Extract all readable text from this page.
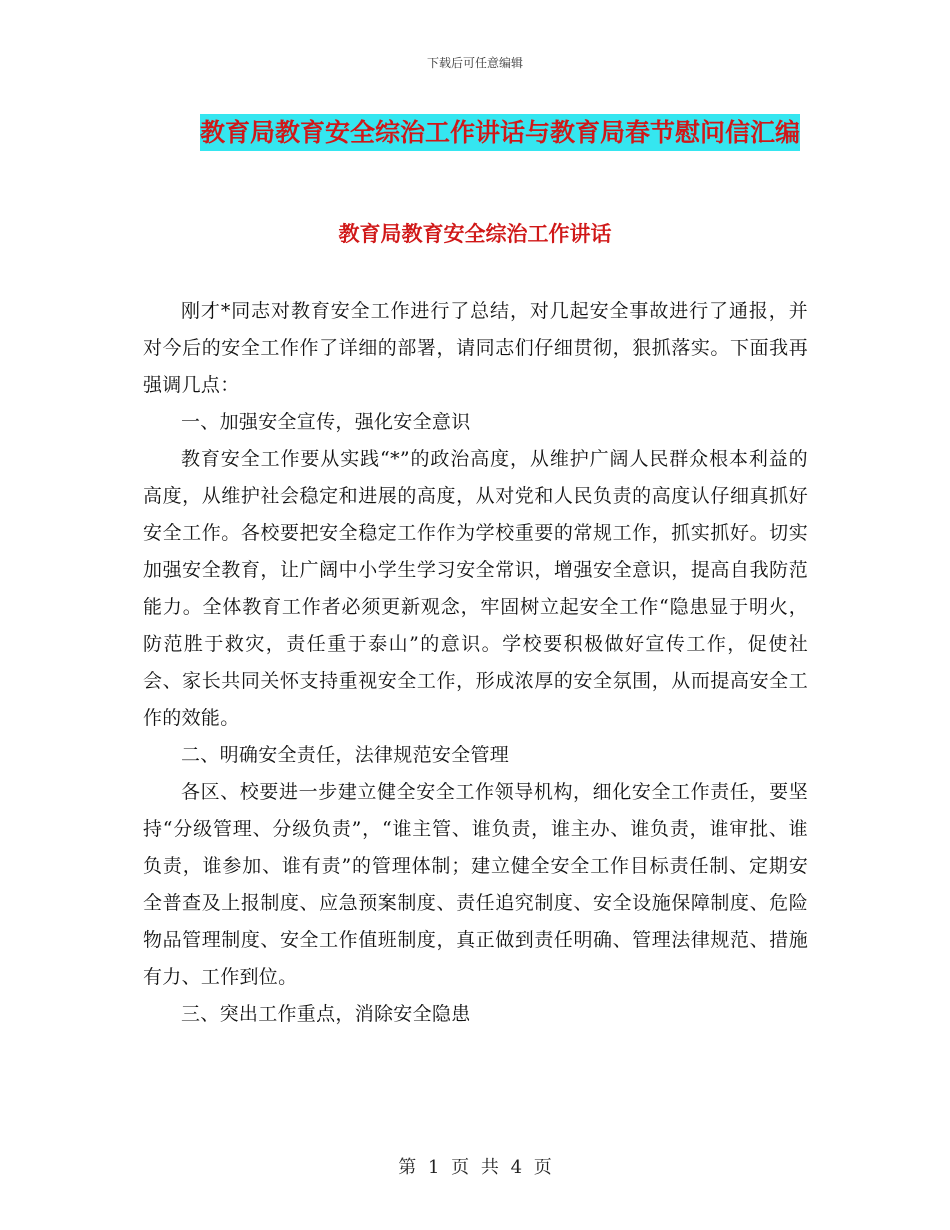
下载后可任意编辑
教育局教育安全综治工作讲话与教育局春节慰问信汇编
教育局教育安全综治工作讲话

刚才*同志对教育安全工作进行了总结，对几起安全事故进行了通报，并对今后的安全工作作了详细的部署，请同志们仔细贯彻，狠抓落实。下面我再强调几点：

一、加强安全宣传，强化安全意识

教育安全工作要从实践“*”的政治高度，从维护广阔人民群众根本利益的高度，从维护社会稳定和进展的高度，从对党和人民负责的高度认仔细真抓好安全工作。各校要把安全稳定工作作为学校重要的常规工作，抓实抓好。切实加强安全教育，让广阔中小学生学习安全常识，增强安全意识，提高自我防范能力。全体教育工作者必须更新观念，牢固树立起安全工作“隐患显于明火，防范胜于救灾，责任重于泰山”的意识。学校要积极做好宣传工作，促使社会、家长共同关怀支持重视安全工作，形成浓厚的安全氛围，从而提高安全工作的效能。

二、明确安全责任，法律规范安全管理

各区、校要进一步建立健全安全工作领导机构，细化安全工作责任，要坚持“分级管理、分级负责”，“谁主管、谁负责，谁主办、谁负责，谁审批、谁负责，谁参加、谁有责”的管理体制；建立健全安全工作目标责任制、定期安全普查及上报制度、应急预案制度、责任追究制度、安全设施保障制度、危险物品管理制度、安全工作值班制度，真正做到责任明确、管理法律规范、措施有力、工作到位。

三、突出工作重点，消除安全隐患

第 1 页 共 4 页
